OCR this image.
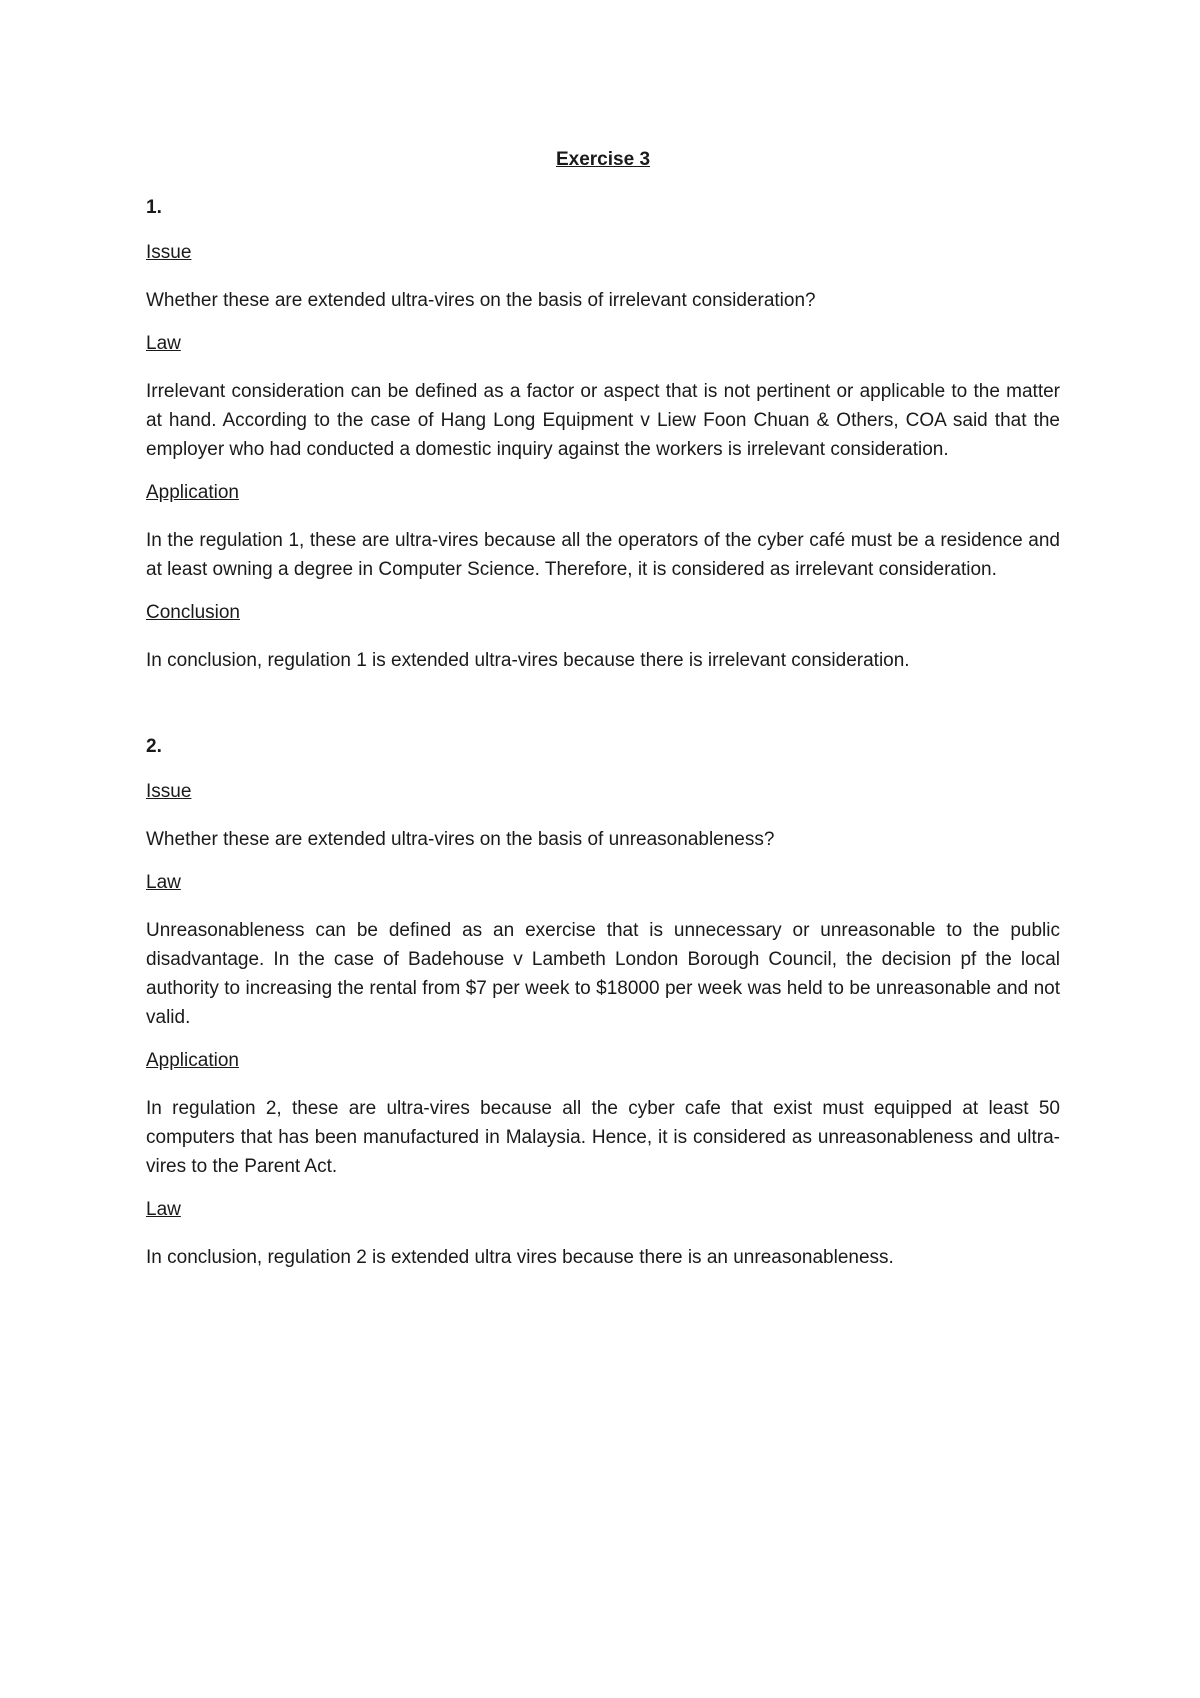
Exercise 3
1.
Issue
Whether these are extended ultra-vires on the basis of irrelevant consideration?
Law
Irrelevant consideration can be defined as a factor or aspect that is not pertinent or applicable to the matter at hand. According to the case of Hang Long Equipment v Liew Foon Chuan & Others, COA said that the employer who had conducted a domestic inquiry against the workers is irrelevant consideration.
Application
In the regulation 1, these are ultra-vires because all the operators of the cyber café must be a residence and at least owning a degree in Computer Science. Therefore, it is considered as irrelevant consideration.
Conclusion
In conclusion, regulation 1 is extended ultra-vires because there is irrelevant consideration.
2.
Issue
Whether these are extended ultra-vires on the basis of unreasonableness?
Law
Unreasonableness can be defined as an exercise that is unnecessary or unreasonable to the public disadvantage. In the case of Badehouse v Lambeth London Borough Council, the decision pf the local authority to increasing the rental from $7 per week to $18000 per week was held to be unreasonable and not valid.
Application
In regulation 2, these are ultra-vires because all the cyber cafe that exist must equipped at least 50 computers that has been manufactured in Malaysia. Hence, it is considered as unreasonableness and ultra-vires to the Parent Act.
Law
In conclusion, regulation 2 is extended ultra vires because there is an unreasonableness.
